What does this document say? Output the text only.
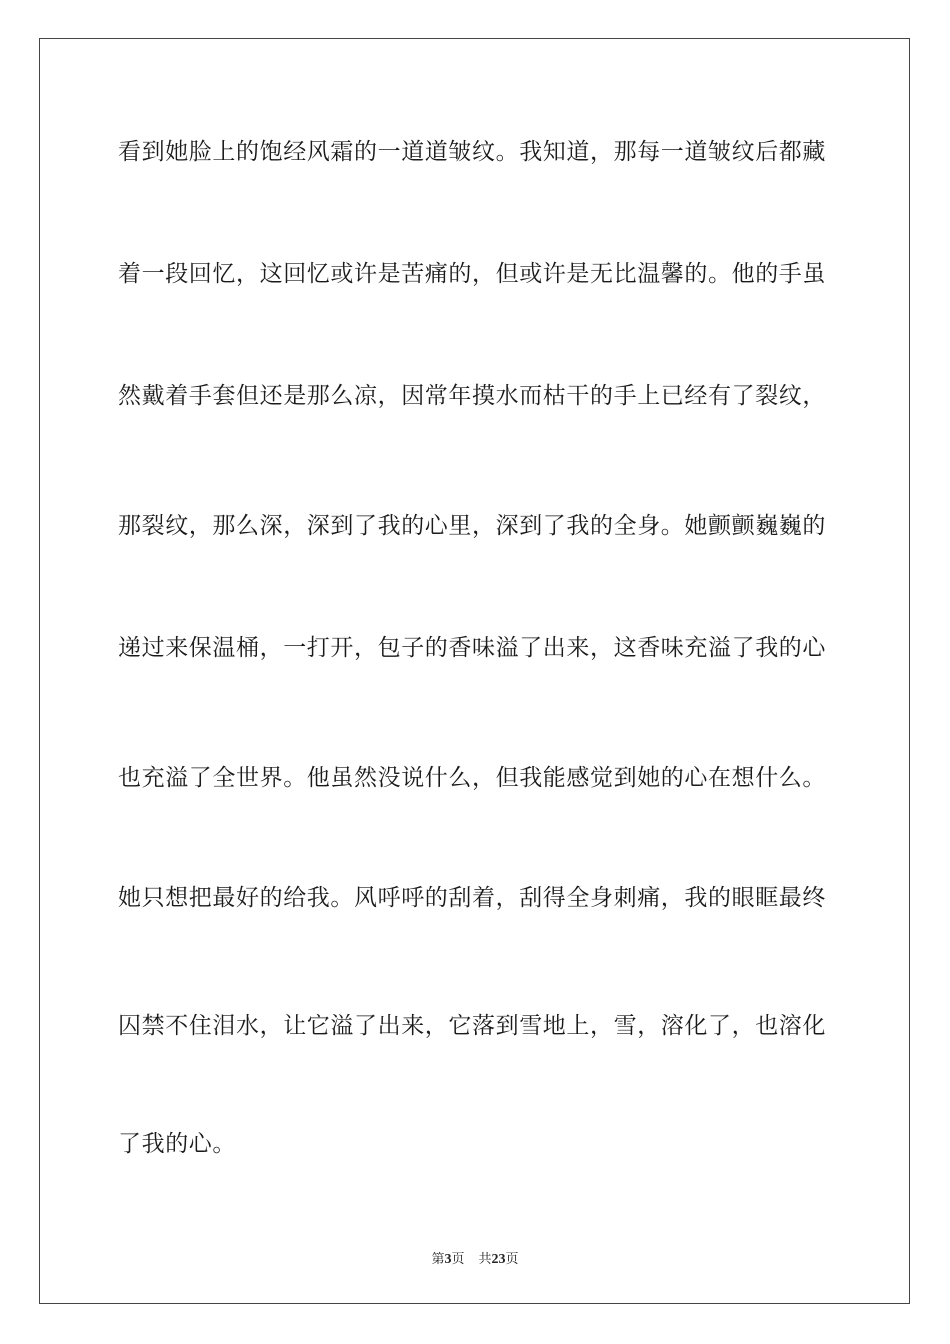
看到她脸上的饱经风霜的一道道皱纹。我知道，那每一道皱纹后都藏
着一段回忆，这回忆或许是苦痛的，但或许是无比温馨的。他的手虽
然戴着手套但还是那么凉，因常年摸水而枯干的手上已经有了裂纹，
那裂纹，那么深，深到了我的心里，深到了我的全身。她颤颤巍巍的
递过来保温桶，一打开，包子的香味溢了出来，这香味充溢了我的心
也充溢了全世界。他虽然没说什么，但我能感觉到她的心在想什么。
她只想把最好的给我。风呼呼的刮着，刮得全身刺痛，我的眼眶最终
囚禁不住泪水，让它溢了出来，它落到雪地上，雪，溶化了，也溶化
了我的心。
第3页 共23页
